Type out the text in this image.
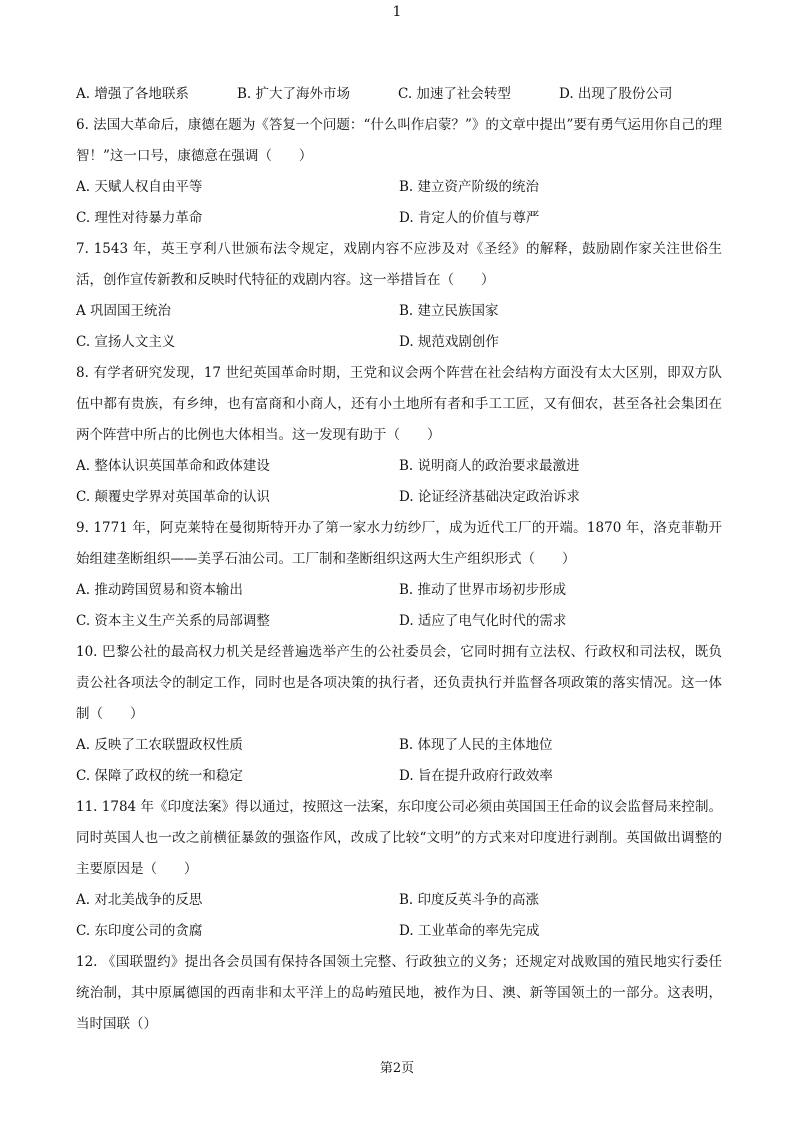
1
A. 增强了各地联系	B. 扩大了海外市场	C. 加速了社会转型	D. 出现了股份公司
6. 法国大革命后，康德在题为《答复一个问题：“什么叫作启蒙？”》的文章中提出”要有勇气运用你自己的理智！”这一口号，康德意在强调（　　）
A. 天赋人权自由平等	B. 建立资产阶级的统治
C. 理性对待暴力革命	D. 肯定人的价值与尊严
7. 1543 年，英王亨利八世颁布法令规定，戏剧内容不应涉及对《圣经》的解释，鼓励剧作家关注世俗生活，创作宣传新教和反映时代特征的戏剧内容。这一举措旨在（　　）
A 巩固国王统治	B. 建立民族国家
C. 宣扬人文主义	D. 规范戏剧创作
8. 有学者研究发现，17 世纪英国革命时期，王党和议会两个阵营在社会结构方面没有太大区别，即双方队伍中都有贵族，有乡绅，也有富商和小商人，还有小土地所有者和手工工匠，又有佃农，甚至各社会集团在两个阵营中所占的比例也大体相当。这一发现有助于（　　）
A. 整体认识英国革命和政体建设	B. 说明商人的政治要求最激进
C. 颠覆史学界对英国革命的认识	D. 论证经济基础决定政治诉求
9. 1771 年，阿克莱特在曼彻斯特开办了第一家水力纺纱厂，成为近代工厂的开端。1870 年，洛克菲勒开始组建垄断组织——美孚石油公司。工厂制和垄断组织这两大生产组织形式（　　）
A. 推动跨国贸易和资本输出	B. 推动了世界市场初步形成
C. 资本主义生产关系的局部调整	D. 适应了电气化时代的需求
10. 巴黎公社的最高权力机关是经普遍选举产生的公社委员会，它同时拥有立法权、行政权和司法权，既负责公社各项法令的制定工作，同时也是各项决策的执行者，还负责执行并监督各项政策的落实情况。这一体制（　　）
A. 反映了工农联盟政权性质	B. 体现了人民的主体地位
C. 保障了政权的统一和稳定	D. 旨在提升政府行政效率
11. 1784 年《印度法案》得以通过，按照这一法案，东印度公司必须由英国国王任命的议会监督局来控制。同时英国人也一改之前横征暴敛的强盗作风，改成了比较“文明”的方式来对印度进行剥削。英国做出调整的主要原因是（　　）
A. 对北美战争的反思	B. 印度反英斗争的高涨
C. 东印度公司的贪腐	D. 工业革命的率先完成
12. 《国联盟约》提出各会员国有保持各国领土完整、行政独立的义务；还规定对战败国的殖民地实行委任统治制，其中原属德国的西南非和太平洋上的岛屿殖民地，被作为日、澳、新等国领土的一部分。这表明，当时国联（）
第2页
